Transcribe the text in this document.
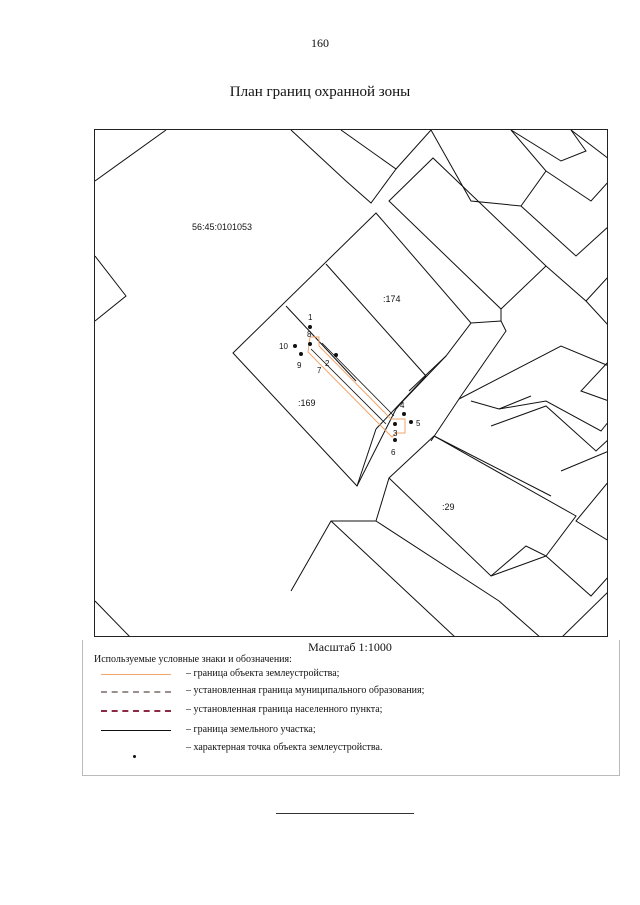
160
План границ охранной зоны
1
2
3
4
5
6
7
8
9
10
56:45:0101053
:174
:169
:29
Масштаб 1:1000
Используемые условные знаки и обозначения:
– граница объекта землеустройства;
– установленная граница муниципального образования;
– установленная граница населенного пункта;
– граница земельного участка;
– характерная точка объекта землеустройства.
